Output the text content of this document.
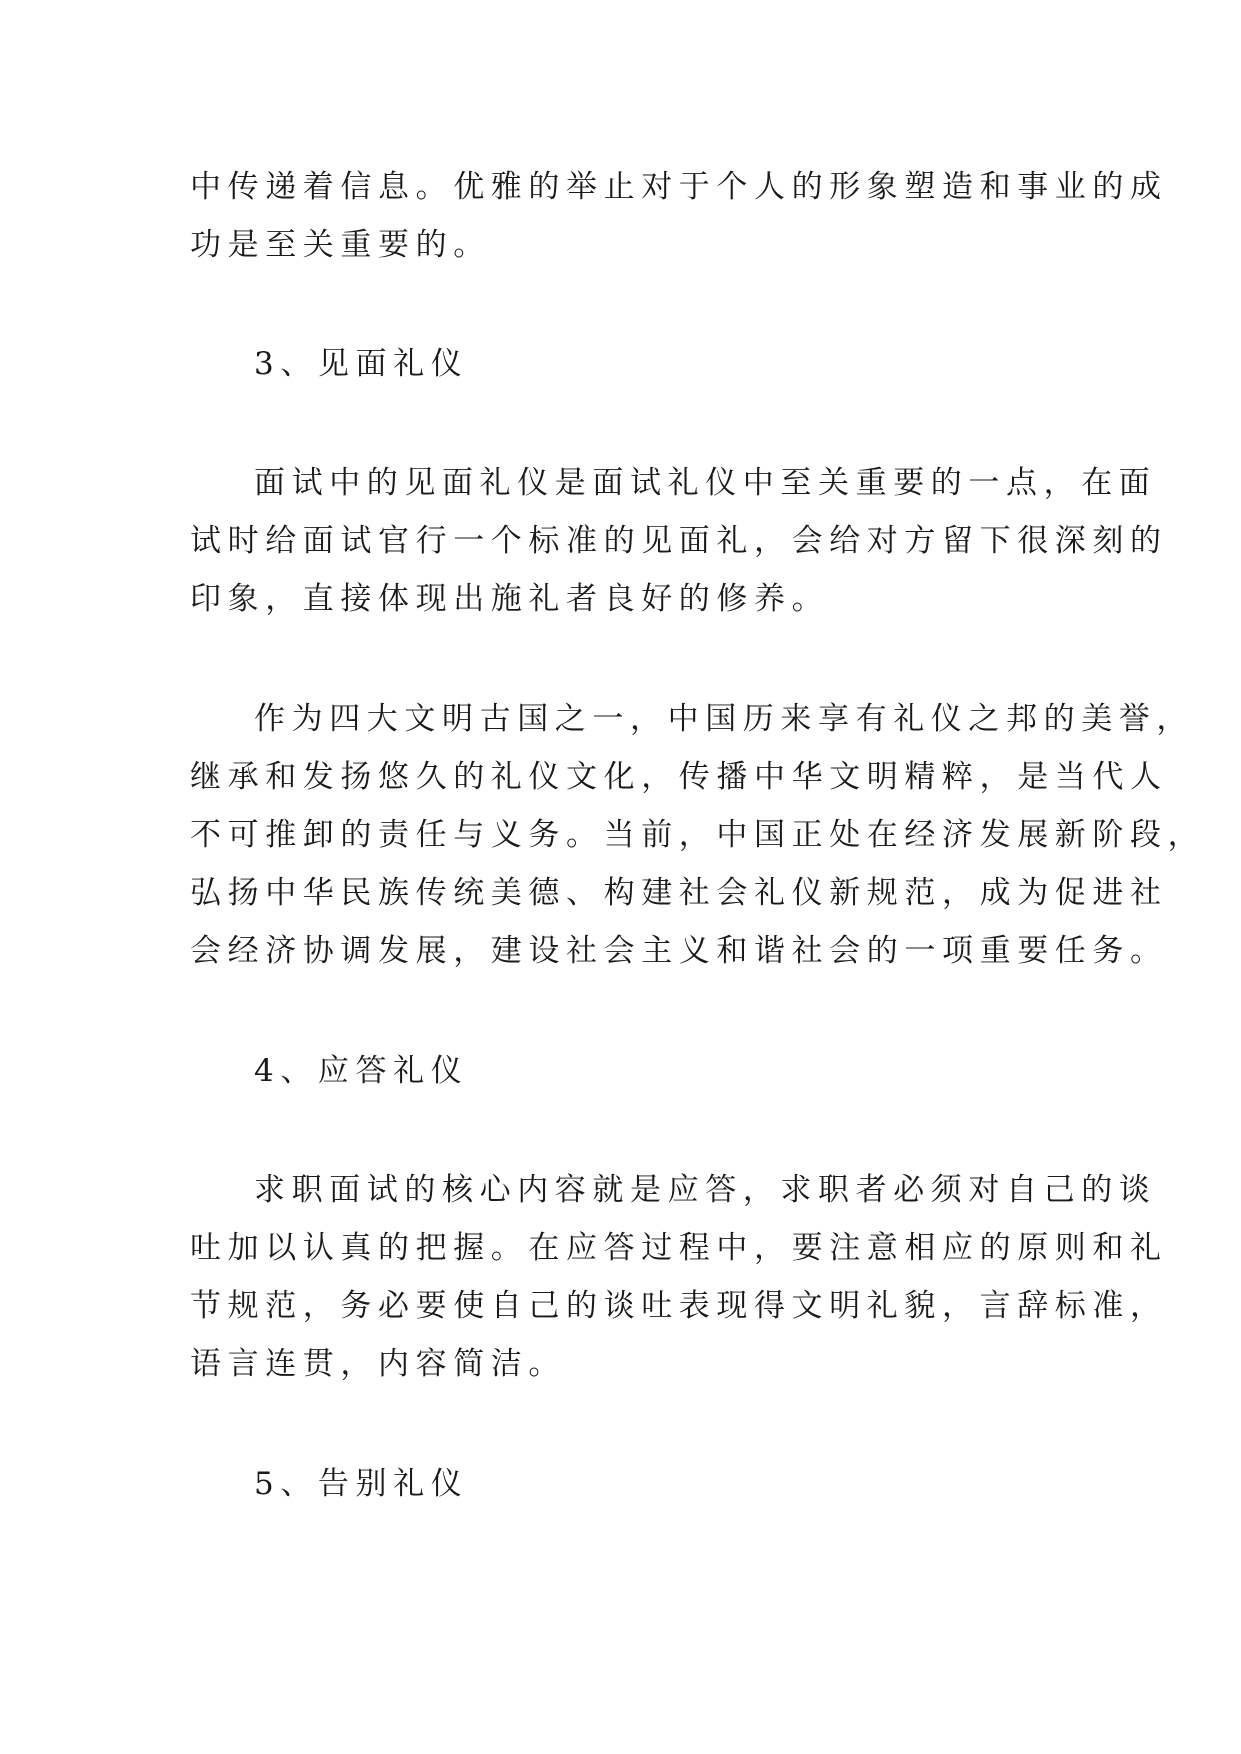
中传递着信息。优雅的举止对于个人的形象塑造和事业的成
功是至关重要的。
3、见面礼仪
面试中的见面礼仪是面试礼仪中至关重要的一点，在面
试时给面试官行一个标准的见面礼，会给对方留下很深刻的
印象，直接体现出施礼者良好的修养。
作为四大文明古国之一，中国历来享有礼仪之邦的美誉，
继承和发扬悠久的礼仪文化，传播中华文明精粹，是当代人
不可推卸的责任与义务。当前，中国正处在经济发展新阶段，
弘扬中华民族传统美德、构建社会礼仪新规范，成为促进社
会经济协调发展，建设社会主义和谐社会的一项重要任务。
4、应答礼仪
求职面试的核心内容就是应答，求职者必须对自己的谈
吐加以认真的把握。在应答过程中，要注意相应的原则和礼
节规范，务必要使自己的谈吐表现得文明礼貌，言辞标准，
语言连贯，内容简洁。
5、告别礼仪
